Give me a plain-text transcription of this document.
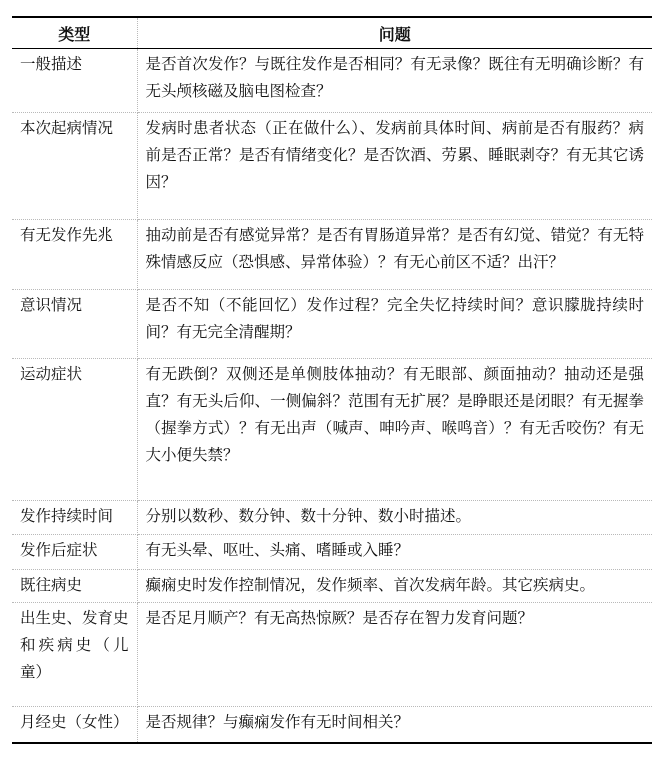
类型	问题
一般描述	是否首次发作？与既往发作是否相同？有无录像？既往有无明确诊断？有无头颅核磁及脑电图检查？
本次起病情况	发病时患者状态（正在做什么）、发病前具体时间、病前是否有服药？病前是否正常？是否有情绪变化？是否饮酒、劳累、睡眠剥夺？有无其它诱因？
有无发作先兆	抽动前是否有感觉异常？是否有胃肠道异常？是否有幻觉、错觉？有无特殊情感反应（恐惧感、异常体验）？有无心前区不适？出汗？
意识情况	是否不知（不能回忆）发作过程？完全失忆持续时间？意识朦胧持续时间？有无完全清醒期？
运动症状	有无跌倒？双侧还是单侧肢体抽动？有无眼部、颜面抽动？抽动还是强直？有无头后仰、一侧偏斜？范围有无扩展？是睁眼还是闭眼？有无握拳（握拳方式）？有无出声（喊声、呻吟声、喉鸣音）？有无舌咬伤？有无大小便失禁？
发作持续时间	分别以数秒、数分钟、数十分钟、数小时描述。
发作后症状	有无头晕、呕吐、头痛、嗜睡或入睡？
既往病史	癫痫史时发作控制情况，发作频率、首次发病年龄。其它疾病史。
出生史、发育史和疾病史（儿童）	是否足月顺产？有无高热惊厥？是否存在智力发育问题？
月经史（女性）	是否规律？与癫痫发作有无时间相关？
